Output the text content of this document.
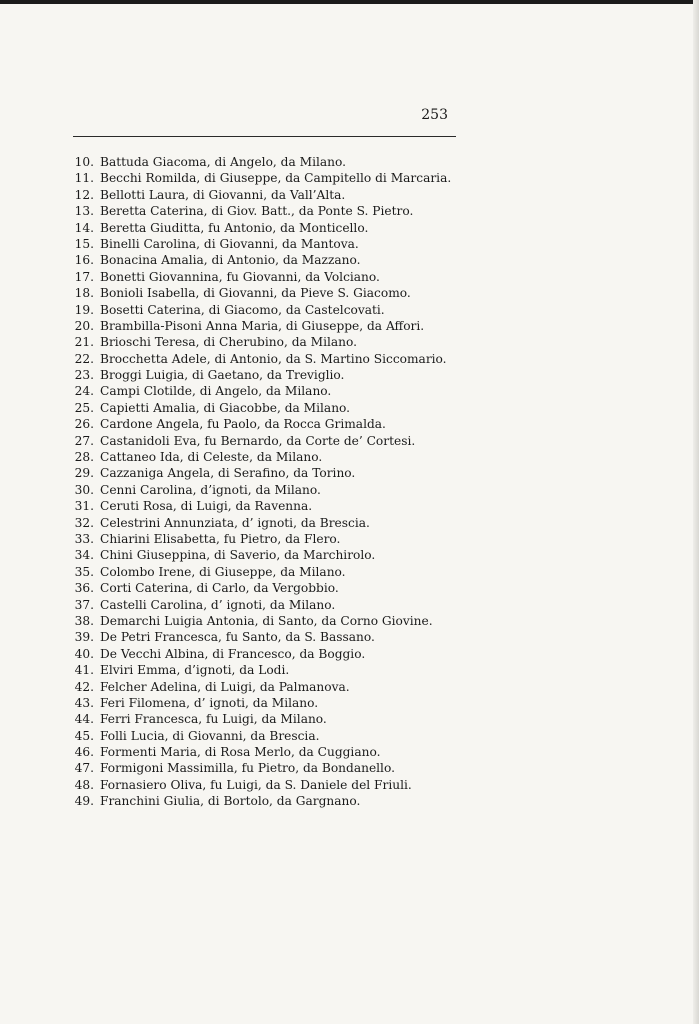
253
10. Battuda Giacoma, di Angelo, da Milano.
11. Becchi Romilda, di Giuseppe, da Campitello di Marcaria.
12. Bellotti Laura, di Giovanni, da Vall’Alta.
13. Beretta Caterina, di Giov. Batt., da Ponte S. Pietro.
14. Beretta Giuditta, fu Antonio, da Monticello.
15. Binelli Carolina, di Giovanni, da Mantova.
16. Bonacina Amalia, di Antonio, da Mazzano.
17. Bonetti Giovannina, fu Giovanni, da Volciano.
18. Bonioli Isabella, di Giovanni, da Pieve S. Giacomo.
19. Bosetti Caterina, di Giacomo, da Castelcovati.
20. Brambilla-Pisoni Anna Maria, di Giuseppe, da Affori.
21. Brioschi Teresa, di Cherubino, da Milano.
22. Brocchetta Adele, di Antonio, da S. Martino Siccomario.
23. Broggi Luigia, di Gaetano, da Treviglio.
24. Campi Clotilde, di Angelo, da Milano.
25. Capietti Amalia, di Giacobbe, da Milano.
26. Cardone Angela, fu Paolo, da Rocca Grimalda.
27. Castanidoli Eva, fu Bernardo, da Corte de’ Cortesi.
28. Cattaneo Ida, di Celeste, da Milano.
29. Cazzaniga Angela, di Serafino, da Torino.
30. Cenni Carolina, d’ignoti, da Milano.
31. Ceruti Rosa, di Luigi, da Ravenna.
32. Celestrini Annunziata, d’ ignoti, da Brescia.
33. Chiarini Elisabetta, fu Pietro, da Flero.
34. Chini Giuseppina, di Saverio, da Marchirolo.
35. Colombo Irene, di Giuseppe, da Milano.
36. Corti Caterina, di Carlo, da Vergobbio.
37. Castelli Carolina, d’ ignoti, da Milano.
38. Demarchi Luigia Antonia, di Santo, da Corno Giovine.
39. De Petri Francesca, fu Santo, da S. Bassano.
40. De Vecchi Albina, di Francesco, da Boggio.
41. Elviri Emma, d’ignoti, da Lodi.
42. Felcher Adelina, di Luigi, da Palmanova.
43. Feri Filomena, d’ ignoti, da Milano.
44. Ferri Francesca, fu Luigi, da Milano.
45. Folli Lucia, di Giovanni, da Brescia.
46. Formenti Maria, di Rosa Merlo, da Cuggiano.
47. Formigoni Massimilla, fu Pietro, da Bondanello.
48. Fornasiero Oliva, fu Luigi, da S. Daniele del Friuli.
49. Franchini Giulia, di Bortolo, da Gargnano.
